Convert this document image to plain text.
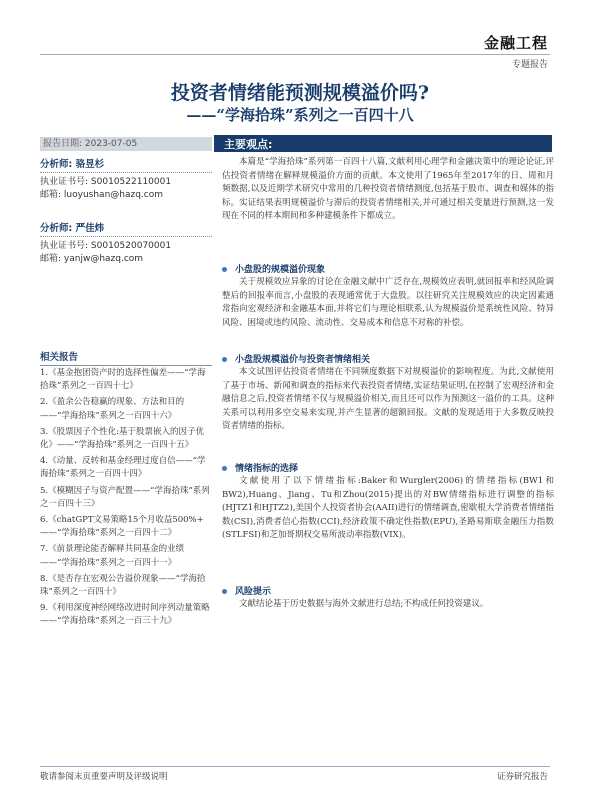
金融工程
专题报告
投资者情绪能预测规模溢价吗?
——“学海拾珠”系列之一百四十八
报告日期: 2023-07-05	主要观点:
分析师: 骆昱杉
执业证书号: S0010522110001
邮箱: luoyushan@hazq.com
分析师: 严佳炜
执业证书号: S0010520070001
邮箱: yanjw@hazq.com
相关报告
1.《基金抱团资产时的选择性偏差——“学海拾珠”系列之一百四十七》
2.《盈余公告稳赢的现象、方法和目的——“学海拾珠”系列之一百四十六》
3.《股票因子个性化:基于股票嵌入的因子优化》——“学海拾珠”系列之一百四十五》
4.《动量、反转和基金经理过度自信——“学海拾珠”系列之一百四十四》
5.《模糊因子与资产配置——“学海拾珠”系列之一百四十三》
6.《chatGPT文易策略15个月收益500%+——“学海拾珠”系列之一百四十二》
7.《前景理论能否解释共同基金的业绩——“学海拾珠”系列之一百四十一》
8.《是否存在宏观公告溢价现象——“学海拾珠”系列之一百四十》
9.《利用深度神经网络改进时间序列动量策略——“学海拾珠”系列之一百三十九》

本篇是“学海拾珠”系列第一百四十八篇,文献利用心理学和金融决策中的理论论证,评估投资者情绪在解释规模溢价方面的贡献。本文使用了1965年至2017年的日、周和月频数据,以及近期学术研究中常用的几种投资者情绪测度,包括基于股市、调查和媒体的指标。实证结果表明规模溢价与滞后的投资者情绪相关,并可通过相关变量进行预测,这一发现在不同的样本期间和多种建模条件下都成立。

小盘股的规模溢价现象

关于规模效应异象的讨论在金融文献中广泛存在,规模效应表明,就回报率和经风险调整后的回报率而言,小盘股的表现通常优于大盘股。以往研究关注规模效应的决定因素通常指向宏观经济和金融基本面,并将它们与理论相联系,认为规模溢价是系统性风险、特异风险、困境或违约风险、流动性、交易成本和信息不对称的补偿。

小盘股规模溢价与投资者情绪相关

本文试图评估投资者情绪在不同频度数据下对规模溢价的影响程度。为此,文献使用了基于市场、新闻和调查的指标来代表投资者情绪,实证结果证明,在控制了宏观经济和金融信息之后,投资者情绪不仅与规模溢价相关,而且还可以作为预测这一溢价的工具。这种关系可以利用多空交易来实现,并产生显著的超额回报。文献的发现适用于大多数反映投资者情绪的指标。

情绪指标的选择

文献使用了以下情绪指标:Baker和Wurgler(2006)的情绪指标(BW1和BW2),Huang、Jiang、Tu和Zhou(2015)提出的对BW情绪指标进行调整的指标(HJTZ1和HJTZ2),美国个人投资者协会(AAII)进行的情绪调查,密歇根大学消费者情绪指数(CSI),消费者信心指数(CCI),经济政策不确定性指数(EPU),圣路易斯联金融压力指数(STLFSI)和芝加哥期权交易所波动率指数(VIX)。

风险提示

文献结论基于历史数据与海外文献进行总结;不构成任何投资建议。

敬请参阅末页重要声明及评级说明	证券研究报告
